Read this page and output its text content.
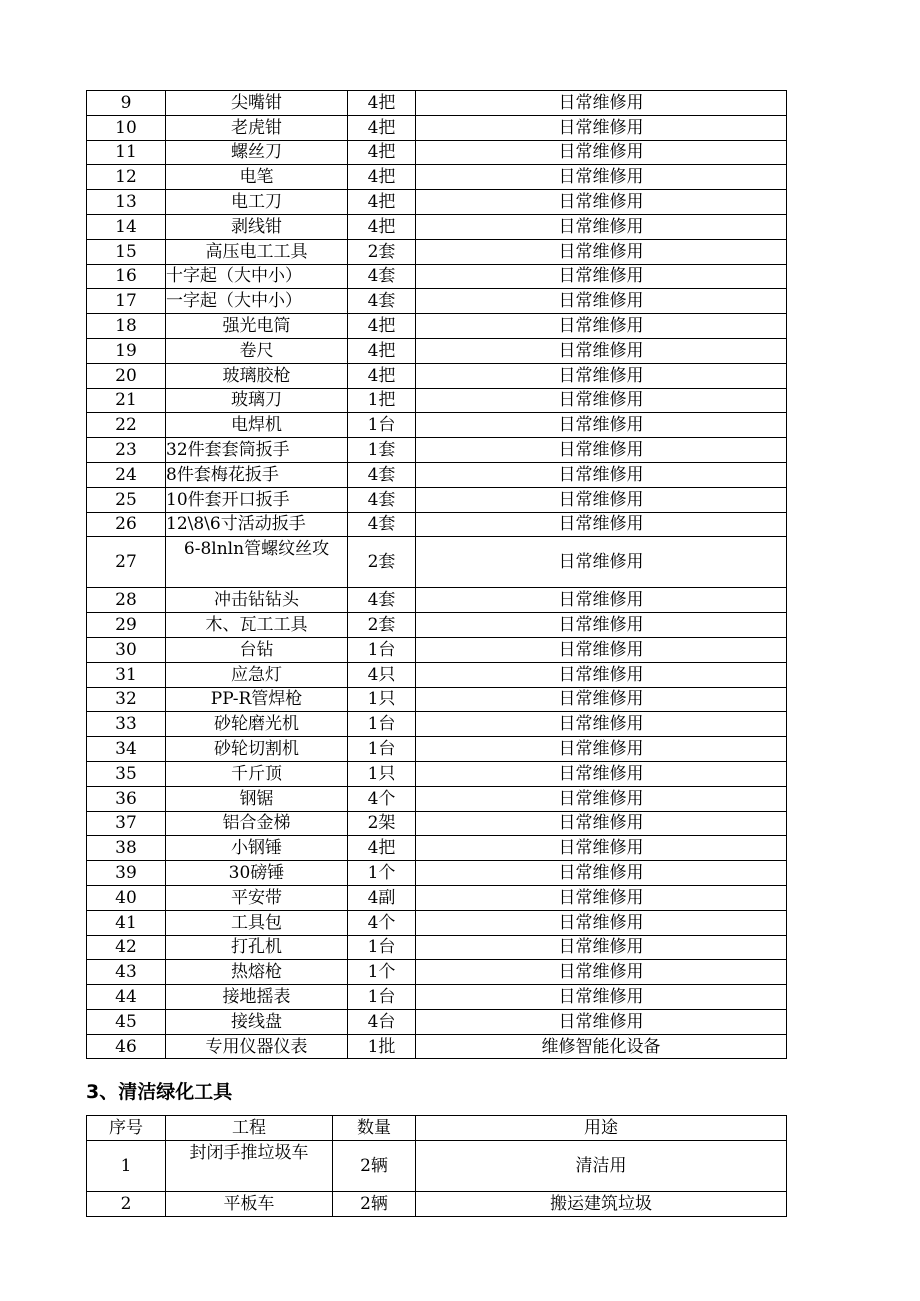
9	尖嘴钳	4把	日常维修用
10	老虎钳	4把	日常维修用
11	螺丝刀	4把	日常维修用
12	电笔	4把	日常维修用
13	电工刀	4把	日常维修用
14	剥线钳	4把	日常维修用
15	高压电工工具	2套	日常维修用
16	十字起（大中小）	4套	日常维修用
17	一字起（大中小）	4套	日常维修用
18	强光电筒	4把	日常维修用
19	卷尺	4把	日常维修用
20	玻璃胶枪	4把	日常维修用
21	玻璃刀	1把	日常维修用
22	电焊机	1台	日常维修用
23	32件套套筒扳手	1套	日常维修用
24	8件套梅花扳手	4套	日常维修用
25	10件套开口扳手	4套	日常维修用
26	12\8\6寸活动扳手	4套	日常维修用
27	6-8lnln管螺纹丝攻	2套	日常维修用
28	冲击钻钻头	4套	日常维修用
29	木、瓦工工具	2套	日常维修用
30	台钻	1台	日常维修用
31	应急灯	4只	日常维修用
32	PP-R管焊枪	1只	日常维修用
33	砂轮磨光机	1台	日常维修用
34	砂轮切割机	1台	日常维修用
35	千斤顶	1只	日常维修用
36	钢锯	4个	日常维修用
37	铝合金梯	2架	日常维修用
38	小钢锤	4把	日常维修用
39	30磅锤	1个	日常维修用
40	平安带	4副	日常维修用
41	工具包	4个	日常维修用
42	打孔机	1台	日常维修用
43	热熔枪	1个	日常维修用
44	接地摇表	1台	日常维修用
45	接线盘	4台	日常维修用
46	专用仪器仪表	1批	维修智能化设备
3、清洁绿化工具
序号	工程	数量	用途
1	封闭手推垃圾车	2辆	清洁用
2	平板车	2辆	搬运建筑垃圾
